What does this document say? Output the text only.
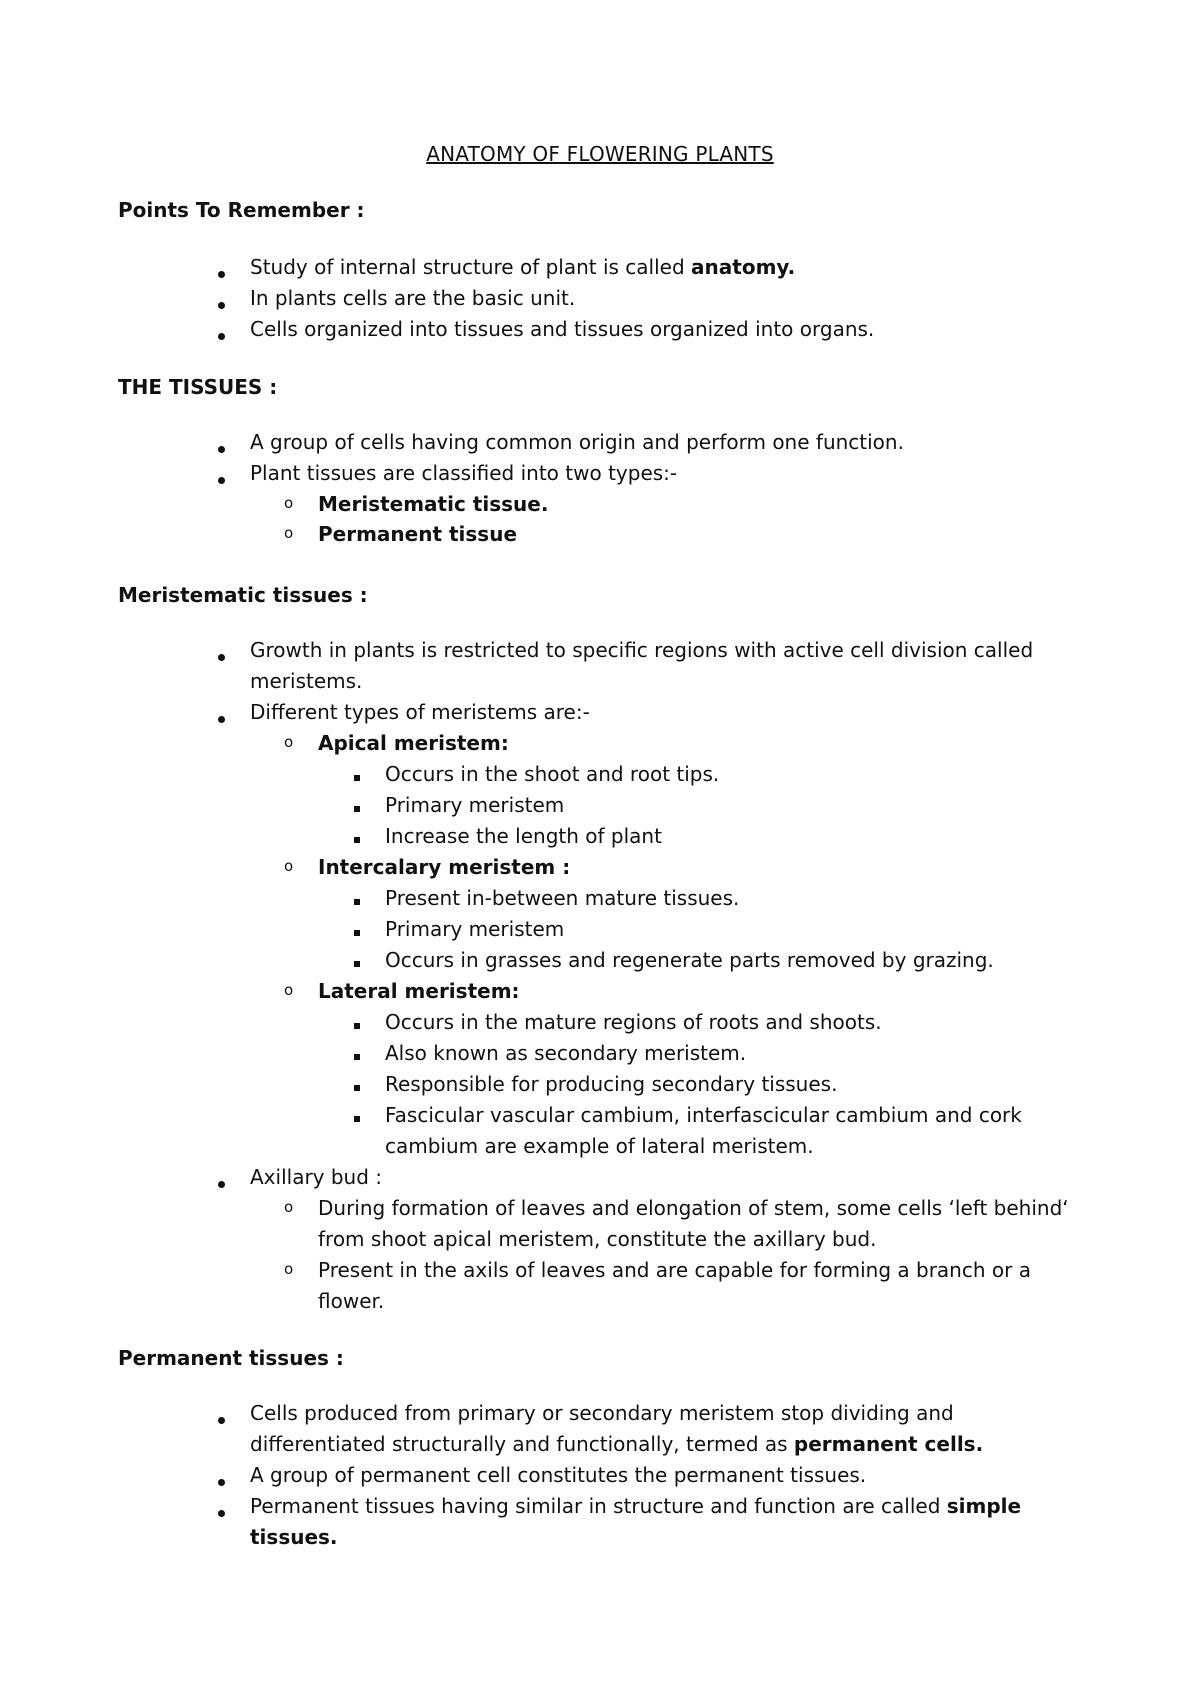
ANATOMY OF FLOWERING PLANTS
Points To Remember :
Study of internal structure of plant is called anatomy.
In plants cells are the basic unit.
Cells organized into tissues and tissues organized into organs.
THE TISSUES :
A group of cells having common origin and perform one function.
Plant tissues are classified into two types:-
o Meristematic tissue.
o Permanent tissue
Meristematic tissues :
Growth in plants is restricted to specific regions with active cell division called
meristems.
Different types of meristems are:-
o Apical meristem:
Occurs in the shoot and root tips.
Primary meristem
Increase the length of plant
o Intercalary meristem :
Present in-between mature tissues.
Primary meristem
Occurs in grasses and regenerate parts removed by grazing.
o Lateral meristem:
Occurs in the mature regions of roots and shoots.
Also known as secondary meristem.
Responsible for producing secondary tissues.
Fascicular vascular cambium, interfascicular cambium and cork
cambium are example of lateral meristem.
Axillary bud :
o During formation of leaves and elongation of stem, some cells ‘left behind‘
from shoot apical meristem, constitute the axillary bud.
o Present in the axils of leaves and are capable for forming a branch or a
flower.
Permanent tissues :
Cells produced from primary or secondary meristem stop dividing and
differentiated structurally and functionally, termed as permanent cells.
A group of permanent cell constitutes the permanent tissues.
Permanent tissues having similar in structure and function are called simple
tissues.
